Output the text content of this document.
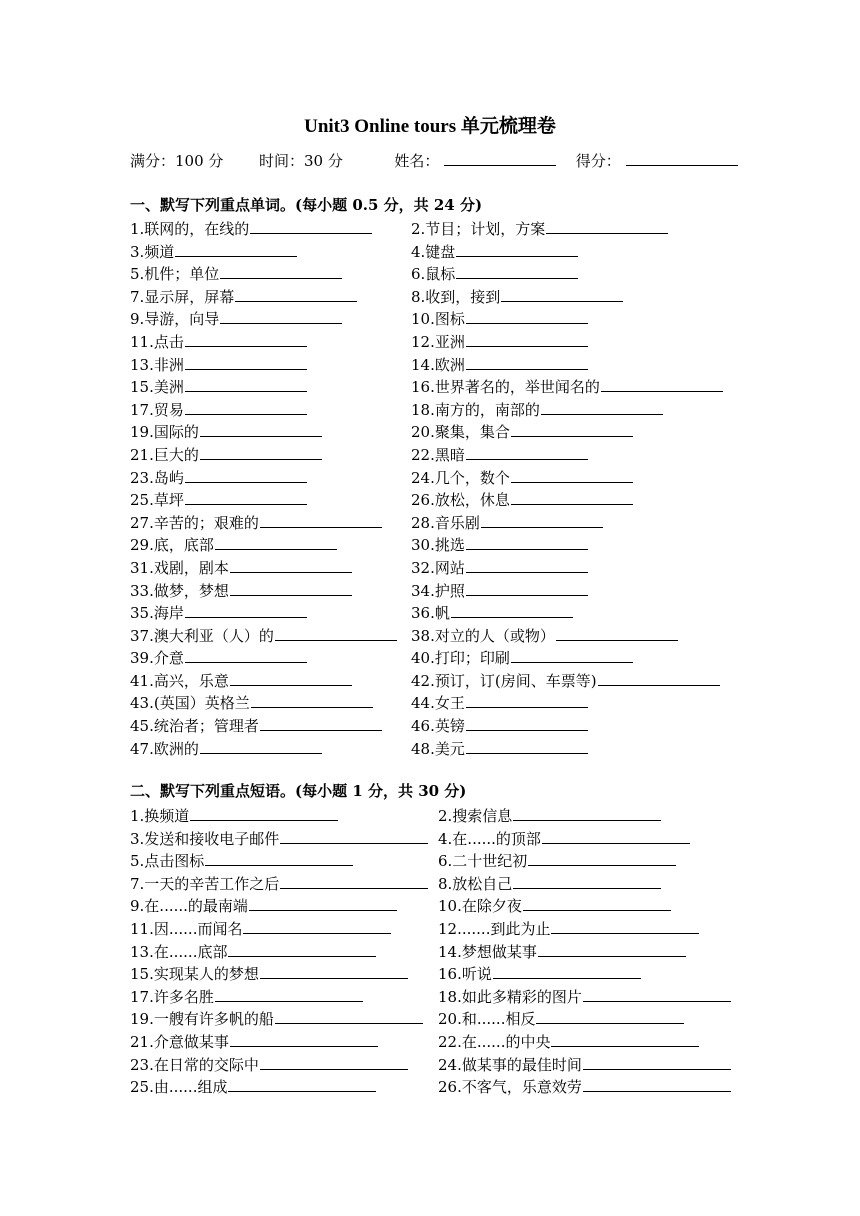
Unit3 Online tours 单元梳理卷
满分：100 分 时间：30 分	姓名：	得分：
一、默写下列重点单词。(每小题 0.5 分，共 24 分)
1.联网的，在线的	2.节目；计划，方案
3.频道	4.键盘
5.机件；单位	6.鼠标
7.显示屏，屏幕	8.收到，接到
9.导游，向导	10.图标
11.点击	12.亚洲
13.非洲	14.欧洲
15.美洲	16.世界著名的，举世闻名的
17.贸易	18.南方的，南部的
19.国际的	20.聚集，集合
21.巨大的	22.黑暗
23.岛屿	24.几个，数个
25.草坪	26.放松，休息
27.辛苦的；艰难的	28.音乐剧
29.底，底部	30.挑选
31.戏剧，剧本	32.网站
33.做梦，梦想	34.护照
35.海岸	36.帆
37.澳大利亚（人）的	38.对立的人（或物）
39.介意	40.打印；印刷
41.高兴，乐意	42.预订，订(房间、车票等)
43.(英国）英格兰	44.女王
45.统治者；管理者	46.英镑
47.欧洲的	48.美元
二、默写下列重点短语。(每小题 1 分，共 30 分)
1.换频道	2.搜索信息
3.发送和接收电子邮件	4.在......的顶部
5.点击图标	6.二十世纪初
7.一天的辛苦工作之后	8.放松自己
9.在......的最南端	10.在除夕夜
11.因......而闻名	12.......到此为止
13.在......底部	14.梦想做某事
15.实现某人的梦想	16.听说
17.许多名胜	18.如此多精彩的图片
19.一艘有许多帆的船	20.和......相反
21.介意做某事	22.在......的中央
23.在日常的交际中	24.做某事的最佳时间
25.由......组成	26.不客气，乐意效劳
